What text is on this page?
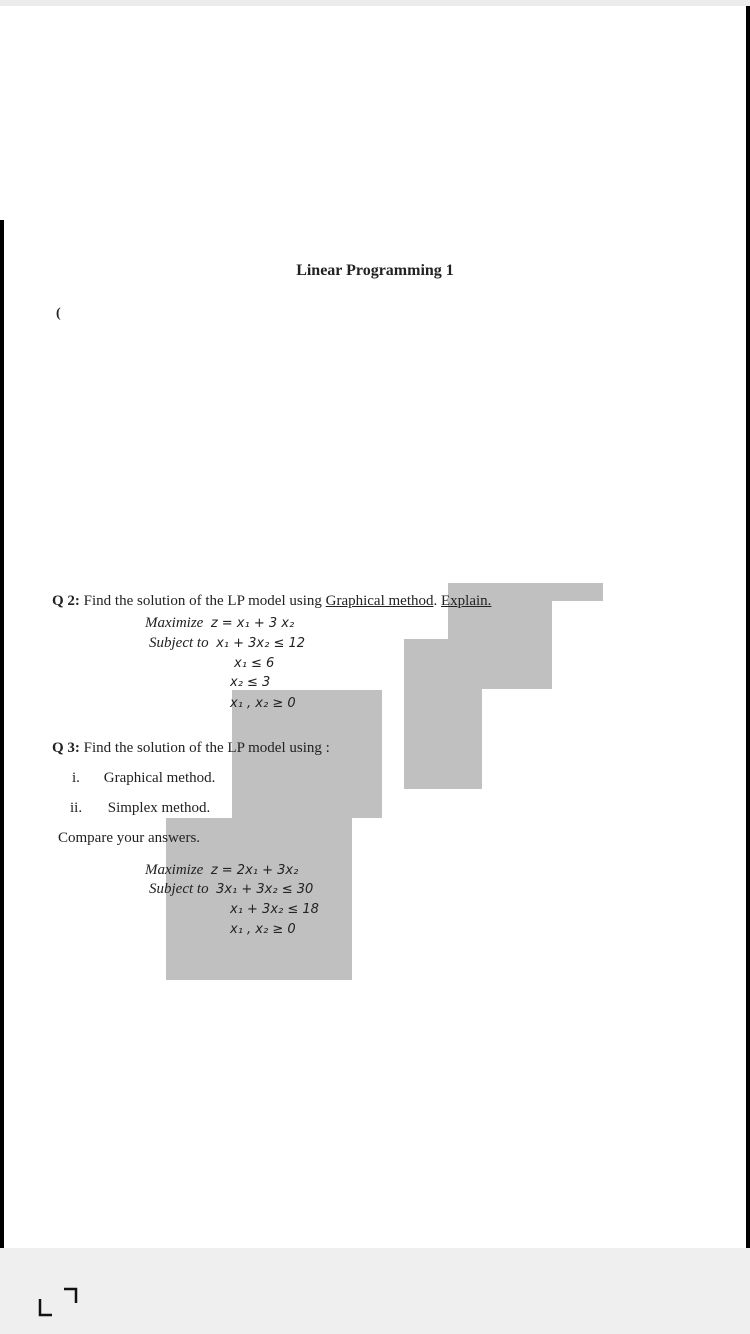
Linear Programming 1
(
Q 2: Find the solution of the LP model using Graphical method. Explain.
Maximize z = x₁ + 3 x₂
Subject to x₁ + 3x₂ ≤ 12
x₁ ≤ 6
x₂ ≤ 3
x₁ , x₂ ≥ 0
Q 3: Find the solution of the LP model using :
i. Graphical method.
ii. Simplex method.
Compare your answers.
Maximize z = 2x₁ + 3x₂
Subject to 3x₁ + 3x₂ ≤ 30
x₁ + 3x₂ ≤ 18
x₁ , x₂ ≥ 0
